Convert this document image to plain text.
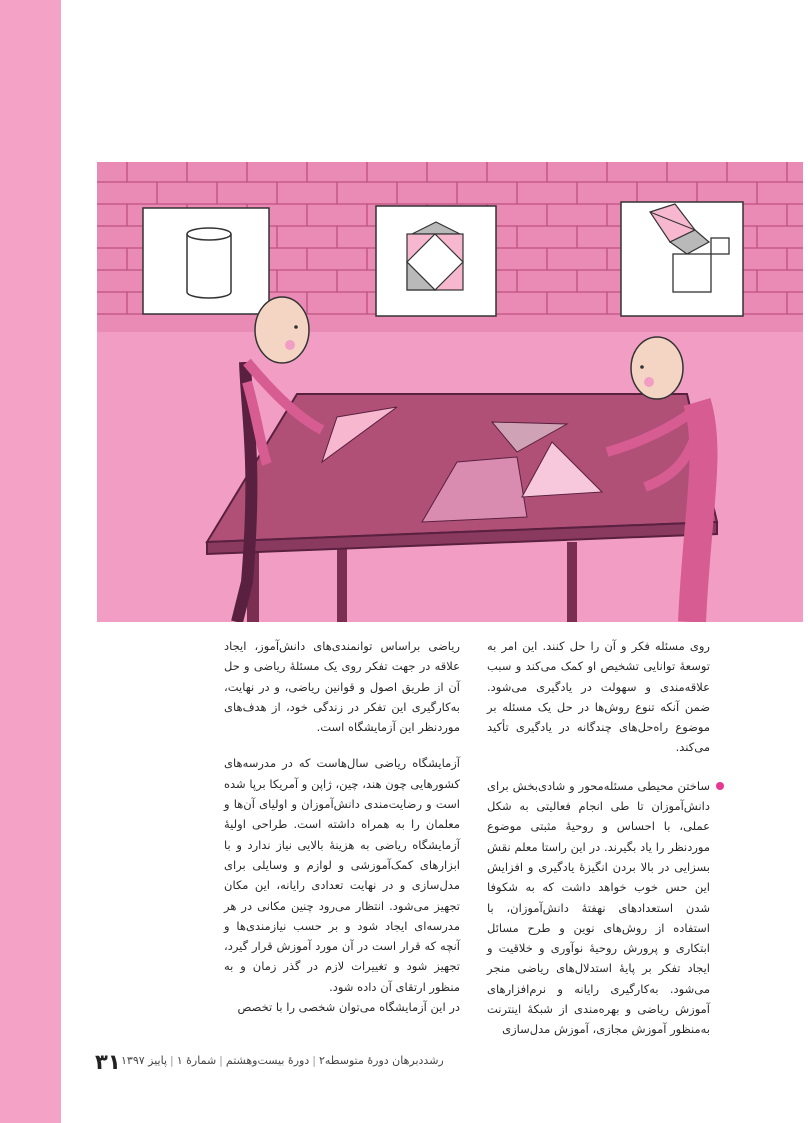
روی مسئله فکر و آن را حل کنند. این امر به توسعۀ توانایی تشخیص او کمک می‌کند و سبب علاقه‌مندی و سهولت در یادگیری می‌شود. ضمن آنکه تنوع روش‌ها در حل یک مسئله بر موضوع راه‌حل‌های چندگانه در یادگیری تأکید می‌کند.

ساختن محیطی مسئله‌محور و شادی‌بخش برای دانش‌آموزان تا طی انجام فعالیتی به شکل عملی، با احساس و روحیۀ مثبتی موضوع موردنظر را یاد بگیرند. در این راستا معلم نقش بسزایی در بالا بردن انگیزۀ یادگیری و افزایش این حس خوب خواهد داشت که به شکوفا شدن استعدادهای نهفتۀ دانش‌آموزان، با استفاده از روش‌های نوین و طرح مسائل ابتکاری و پرورش روحیۀ نوآوری و خلاقیت و ایجاد تفکر بر پایۀ استدلال‌های ریاضی منجر می‌شود. به‌کارگیری رایانه و نرم‌افزارهای آموزش ریاضی و بهره‌مندی از شبکۀ اینترنت به‌منظور آموزش مجازی، آموزش مدل‌سازی

ریاضی براساس توانمندی‌های دانش‌آموز، ایجاد علاقه در جهت تفکر روی یک مسئلۀ ریاضی و حل آن از طریق اصول و قوانین ریاضی، و در نهایت، به‌کارگیری این تفکر در زندگی خود، از هدف‌های موردنظر این آزمایشگاه است.

آزمایشگاه ریاضی سال‌هاست که در مدرسه‌های کشورهایی چون هند، چین، ژاپن و آمریکا برپا شده است و رضایت‌مندی دانش‌آموزان و اولیای آن‌ها و معلمان را به همراه داشته است. طراحی اولیۀ آزمایشگاه ریاضی به هزینۀ بالایی نیاز ندارد و با ابزارهای کمک‌آموزشی و لوازم و وسایلی برای مدل‌سازی و در نهایت تعدادی رایانه، این مکان تجهیز می‌شود. انتظار می‌رود چنین مکانی در هر مدرسه‌ای ایجاد شود و بر حسب نیازمندی‌ها و آنچه که قرار است در آن مورد آموزش قرار گیرد، تجهیز شود و تغییرات لازم در گذر زمان و به منظور ارتقای آن داده شود.

در این آزمایشگاه می‌توان شخصی را با تخصص

۳۱	رشددبرهان دورۀ متوسطه۲|دورۀ بیست‌وهشتم|شمارۀ ۱|پاییز ۱۳۹۷
